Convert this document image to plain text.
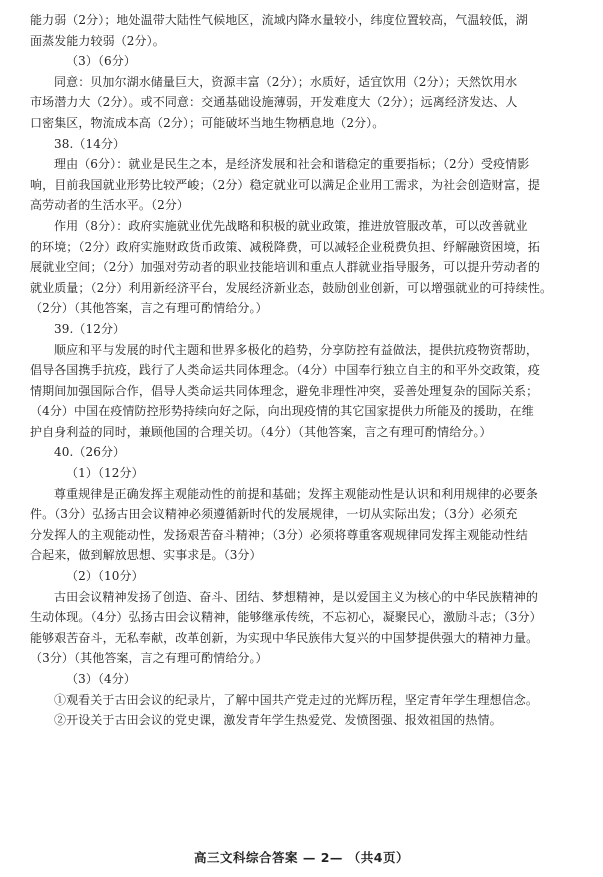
能力弱（2分）；地处温带大陆性气候地区，流域内降水量较小，纬度位置较高，气温较低，湖
面蒸发能力较弱（2分）。
（3）（6分）
同意：贝加尔湖水储量巨大，资源丰富（2分）；水质好，适宜饮用（2分）；天然饮用水
市场潜力大（2分）。或不同意：交通基础设施薄弱，开发难度大（2分）；远离经济发达、人
口密集区，物流成本高（2分）；可能破坏当地生物栖息地（2分）。
38.（14分）
理由（6分）：就业是民生之本，是经济发展和社会和谐稳定的重要指标；（2分）受疫情影
响，目前我国就业形势比较严峻；（2分）稳定就业可以满足企业用工需求，为社会创造财富，提
高劳动者的生活水平。（2分）
作用（8分）：政府实施就业优先战略和积极的就业政策，推进放管服改革，可以改善就业
的环境；（2分）政府实施财政货币政策、减税降费，可以减轻企业税费负担、纾解融资困境，拓
展就业空间；（2分）加强对劳动者的职业技能培训和重点人群就业指导服务，可以提升劳动者的
就业质量；（2分）利用新经济平台，发展经济新业态，鼓励创业创新，可以增强就业的可持续性。
（2分）（其他答案，言之有理可酌情给分。）
39.（12分）
顺应和平与发展的时代主题和世界多极化的趋势，分享防控有益做法，提供抗疫物资帮助，
倡导各国携手抗疫，践行了人类命运共同体理念。（4分）中国奉行独立自主的和平外交政策，疫
情期间加强国际合作，倡导人类命运共同体理念，避免非理性冲突，妥善处理复杂的国际关系；
（4分）中国在疫情防控形势持续向好之际，向出现疫情的其它国家提供力所能及的援助，在维
护自身利益的同时，兼顾他国的合理关切。（4分）（其他答案，言之有理可酌情给分。）
40.（26分）
（1）（12分）
尊重规律是正确发挥主观能动性的前提和基础；发挥主观能动性是认识和利用规律的必要条
件。（3分）弘扬古田会议精神必须遵循新时代的发展规律，一切从实际出发；（3分）必须充
分发挥人的主观能动性，发扬艰苦奋斗精神；（3分）必须将尊重客观规律同发挥主观能动性结
合起来，做到解放思想、实事求是。（3分）
（2）（10分）
古田会议精神发扬了创造、奋斗、团结、梦想精神，是以爱国主义为核心的中华民族精神的
生动体现。（4分）弘扬古田会议精神，能够继承传统，不忘初心，凝聚民心，激励斗志；（3分）
能够艰苦奋斗，无私奉献，改革创新，为实现中华民族伟大复兴的中国梦提供强大的精神力量。
（3分）（其他答案，言之有理可酌情给分。）
（3）（4分）
①观看关于古田会议的纪录片，了解中国共产党走过的光辉历程，坚定青年学生理想信念。
②开设关于古田会议的党史课，激发青年学生热爱党、发愤图强、报效祖国的热情。
高三文科综合答案 — 2— （共4页）
